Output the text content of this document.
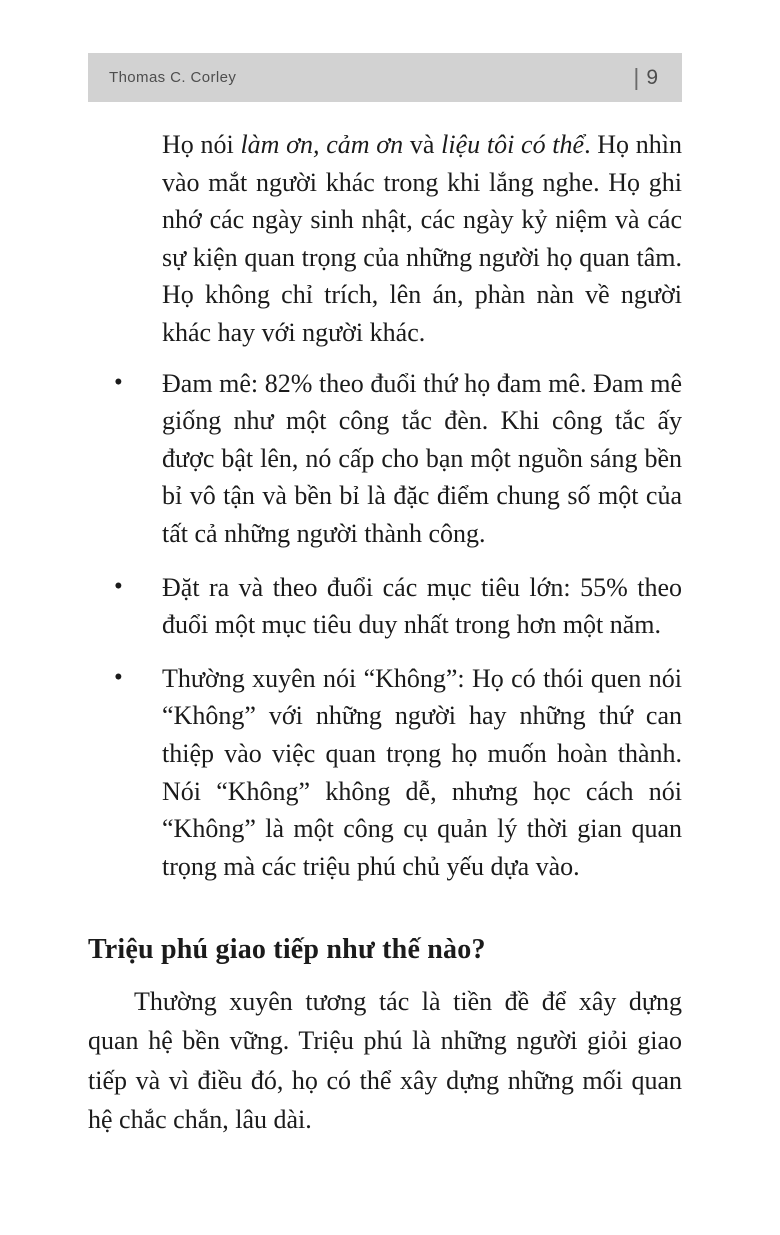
Thomas C. Corley	| 9

Họ nói làm ơn, cảm ơn và liệu tôi có thể. Họ nhìn vào mắt người khác trong khi lắng nghe. Họ ghi nhớ các ngày sinh nhật, các ngày kỷ niệm và các sự kiện quan trọng của những người họ quan tâm. Họ không chỉ trích, lên án, phàn nàn về người khác hay với người khác.

• Đam mê: 82% theo đuổi thứ họ đam mê. Đam mê giống như một công tắc đèn. Khi công tắc ấy được bật lên, nó cấp cho bạn một nguồn sáng bền bỉ vô tận và bền bỉ là đặc điểm chung số một của tất cả những người thành công.
• Đặt ra và theo đuổi các mục tiêu lớn: 55% theo đuổi một mục tiêu duy nhất trong hơn một năm.
• Thường xuyên nói “Không”: Họ có thói quen nói “Không” với những người hay những thứ can thiệp vào việc quan trọng họ muốn hoàn thành. Nói “Không” không dễ, nhưng học cách nói “Không” là một công cụ quản lý thời gian quan trọng mà các triệu phú chủ yếu dựa vào.
Triệu phú giao tiếp như thế nào?

Thường xuyên tương tác là tiền đề để xây dựng quan hệ bền vững. Triệu phú là những người giỏi giao tiếp và vì điều đó, họ có thể xây dựng những mối quan hệ chắc chắn, lâu dài.
